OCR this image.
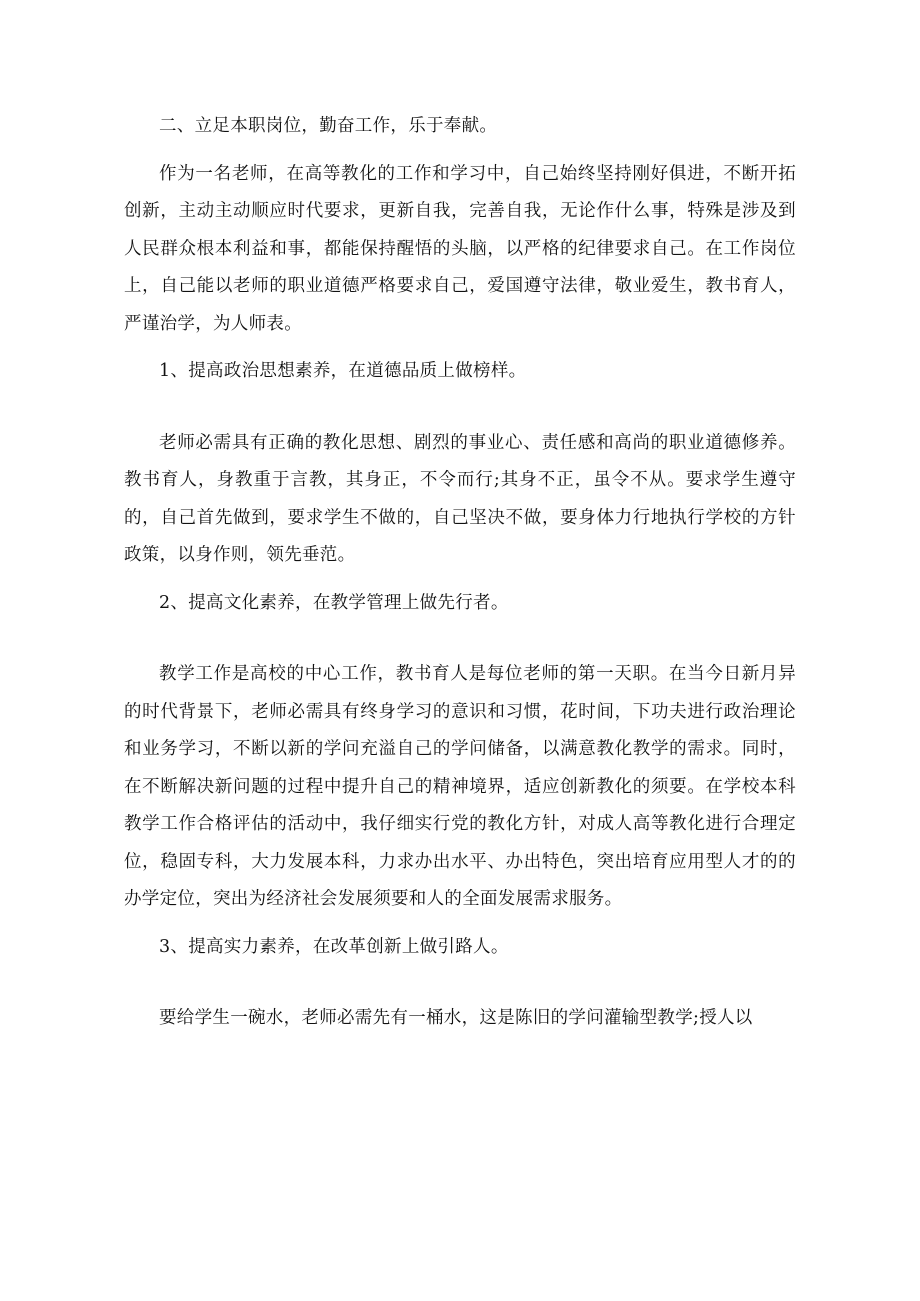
二、立足本职岗位，勤奋工作，乐于奉献。

作为一名老师，在高等教化的工作和学习中，自己始终坚持刚好俱进，不断开拓创新，主动主动顺应时代要求，更新自我，完善自我，无论作什么事，特殊是涉及到人民群众根本利益和事，都能保持醒悟的头脑，以严格的纪律要求自己。在工作岗位上，自己能以老师的职业道德严格要求自己，爱国遵守法律，敬业爱生，教书育人，严谨治学，为人师表。

1、提高政治思想素养，在道德品质上做榜样。

老师必需具有正确的教化思想、剧烈的事业心、责任感和高尚的职业道德修养。教书育人，身教重于言教，其身正，不令而行;其身不正，虽令不从。要求学生遵守的，自己首先做到，要求学生不做的，自己坚决不做，要身体力行地执行学校的方针政策，以身作则，领先垂范。

2、提高文化素养，在教学管理上做先行者。

教学工作是高校的中心工作，教书育人是每位老师的第一天职。在当今日新月异的时代背景下，老师必需具有终身学习的意识和习惯，花时间，下功夫进行政治理论和业务学习，不断以新的学问充溢自己的学问储备，以满意教化教学的需求。同时，在不断解决新问题的过程中提升自己的精神境界，适应创新教化的须要。在学校本科教学工作合格评估的活动中，我仔细实行党的教化方针，对成人高等教化进行合理定位，稳固专科，大力发展本科，力求办出水平、办出特色，突出培育应用型人才的的办学定位，突出为经济社会发展须要和人的全面发展需求服务。

3、提高实力素养，在改革创新上做引路人。

要给学生一碗水，老师必需先有一桶水，这是陈旧的学问灌输型教学;授人以
